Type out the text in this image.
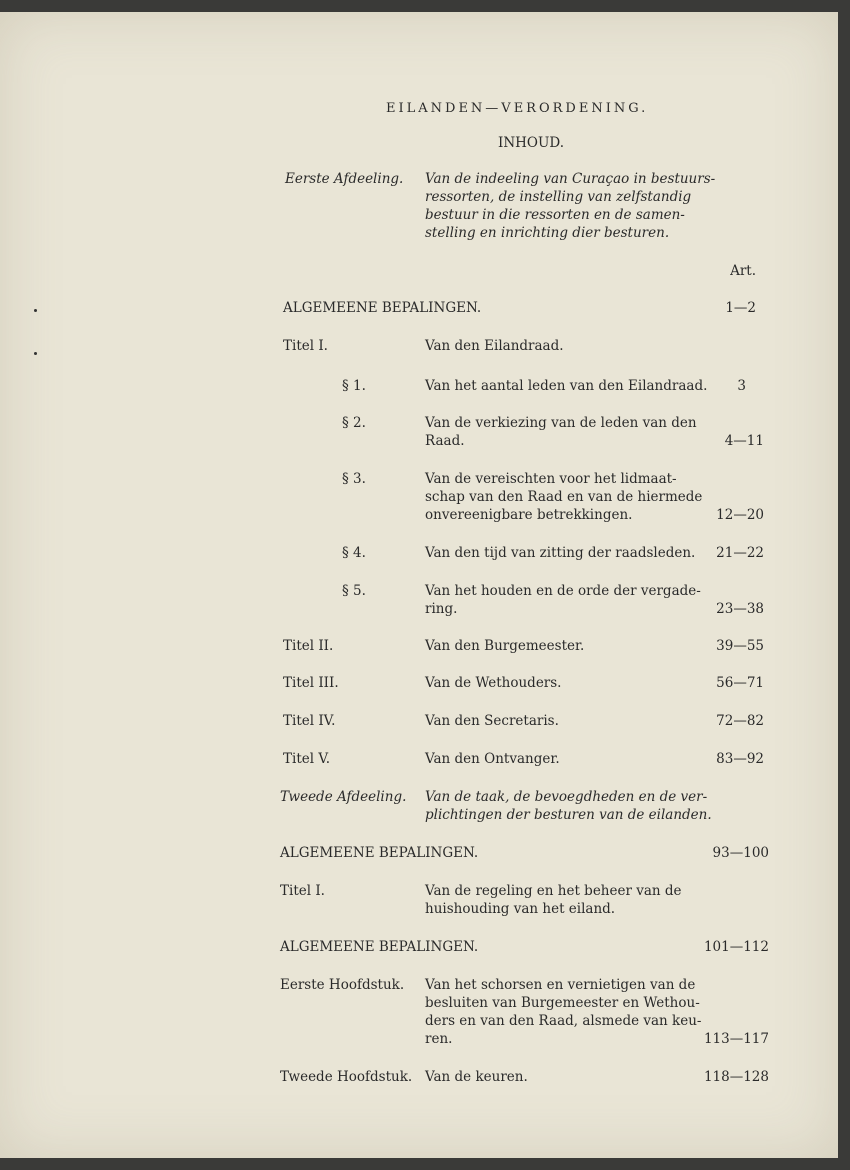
EILANDEN—VERORDENING.
INHOUD.
Eerste Afdeeling. Van de indeeling van Curaçao in bestuurs-
ressorten, de instelling van zelfstandig
bestuur in die ressorten en de samen-
stelling en inrichting dier besturen.
Art.
ALGEMEENE BEPALINGEN.	1—2
Titel I.	Van den Eilandraad.
§ 1.	Van het aantal leden van den Eilandraad.	3
§ 2.	Van de verkiezing van de leden van den
Raad.	4—11
§ 3.	Van de vereischten voor het lidmaat-
schap van den Raad en van de hiermede
onvereenigbare betrekkingen.	12—20
§ 4.	Van den tijd van zitting der raadsleden.	21—22
§ 5.	Van het houden en de orde der vergade-
ring.	23—38
Titel II.	Van den Burgemeester.	39—55
Titel III.	Van de Wethouders.	56—71
Titel IV.	Van den Secretaris.	72—82
Titel V.	Van den Ontvanger.	83—92
Tweede Afdeeling. Van de taak, de bevoegdheden en de ver-
plichtingen der besturen van de eilanden.
ALGEMEENE BEPALINGEN.	93—100
Titel I.	Van de regeling en het beheer van de
huishouding van het eiland.
ALGEMEENE BEPALINGEN.	101—112
Eerste Hoofdstuk. Van het schorsen en vernietigen van de
besluiten van Burgemeester en Wethou-
ders en van den Raad, alsmede van keu-
ren.	113—117
Tweede Hoofdstuk. Van de keuren.	118—128
